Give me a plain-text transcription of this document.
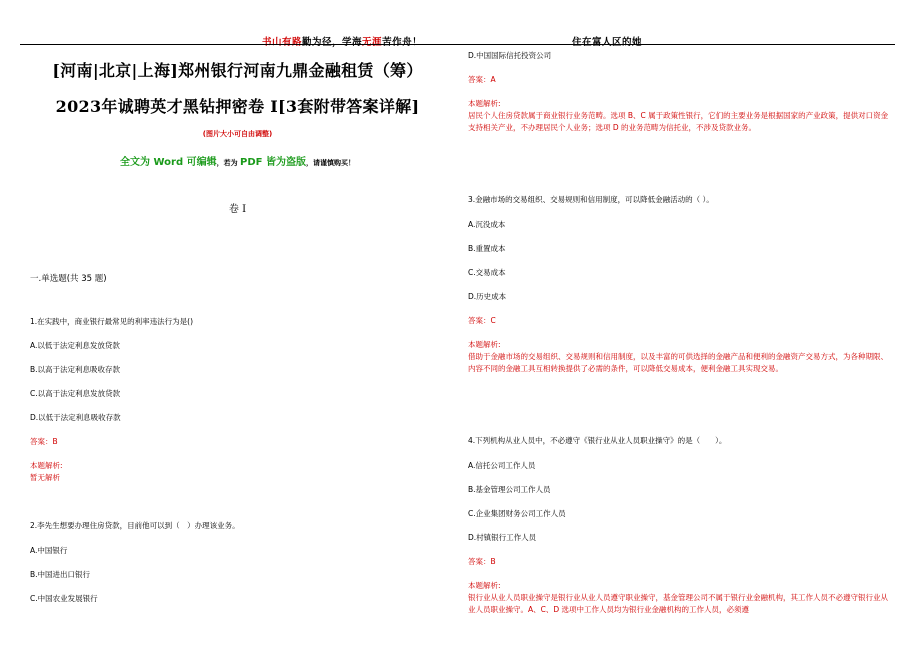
书山有路勤为径，学海无涯苦作舟！	住在富人区的她
[河南|北京|上海]郑州银行河南九鼎金融租赁（筹）
2023年诚聘英才黑钻押密卷 I[3套附带答案详解]
(图片大小可自由调整)
全文为 Word 可编辑，若为 PDF 皆为盗版，请谨慎购买！
卷 I
一.单选题(共 35 题)
1.在实践中，商业银行最常见的利率违法行为是()
A.以低于法定利息发放贷款
B.以高于法定利息吸收存款
C.以高于法定利息发放贷款
D.以低于法定利息吸收存款
答案：B
本题解析:
暂无解析
2.李先生想要办理住房贷款，目前他可以到（　）办理该业务。
A.中国银行
B.中国进出口银行
C.中国农业发展银行
D.中国国际信托投资公司
答案：A
本题解析:
居民个人住房贷款属于商业银行业务范畴。选项 B、C 属于政策性银行，它们的主要业务是根据国家的产业政策，提供对口资金支持相关产业，不办理居民个人业务；选项 D 的业务范畴为信托业，不涉及贷款业务。
3.金融市场的交易组织、交易规则和信用制度，可以降低金融活动的（ ）。
A.沉没成本
B.重置成本
C.交易成本
D.历史成本
答案：C
本题解析:
借助于金融市场的交易组织、交易规则和信用制度，以及丰富的可供选择的金融产品和便利的金融资产交易方式，为各种期限、内容不同的金融工具互相转换提供了必需的条件，可以降低交易成本，便利金融工具实现交易。
4.下列机构从业人员中，不必遵守《银行业从业人员职业操守》的是（　　）。
A.信托公司工作人员
B.基金管理公司工作人员
C.企业集团财务公司工作人员
D.村镇银行工作人员
答案：B
本题解析:
银行业从业人员职业操守是银行业从业人员遵守职业操守，基金管理公司不属于银行业金融机构，其工作人员不必遵守银行业从业人员职业操守。A、C、D 选项中工作人员均为银行业金融机构的工作人员，必须遵
